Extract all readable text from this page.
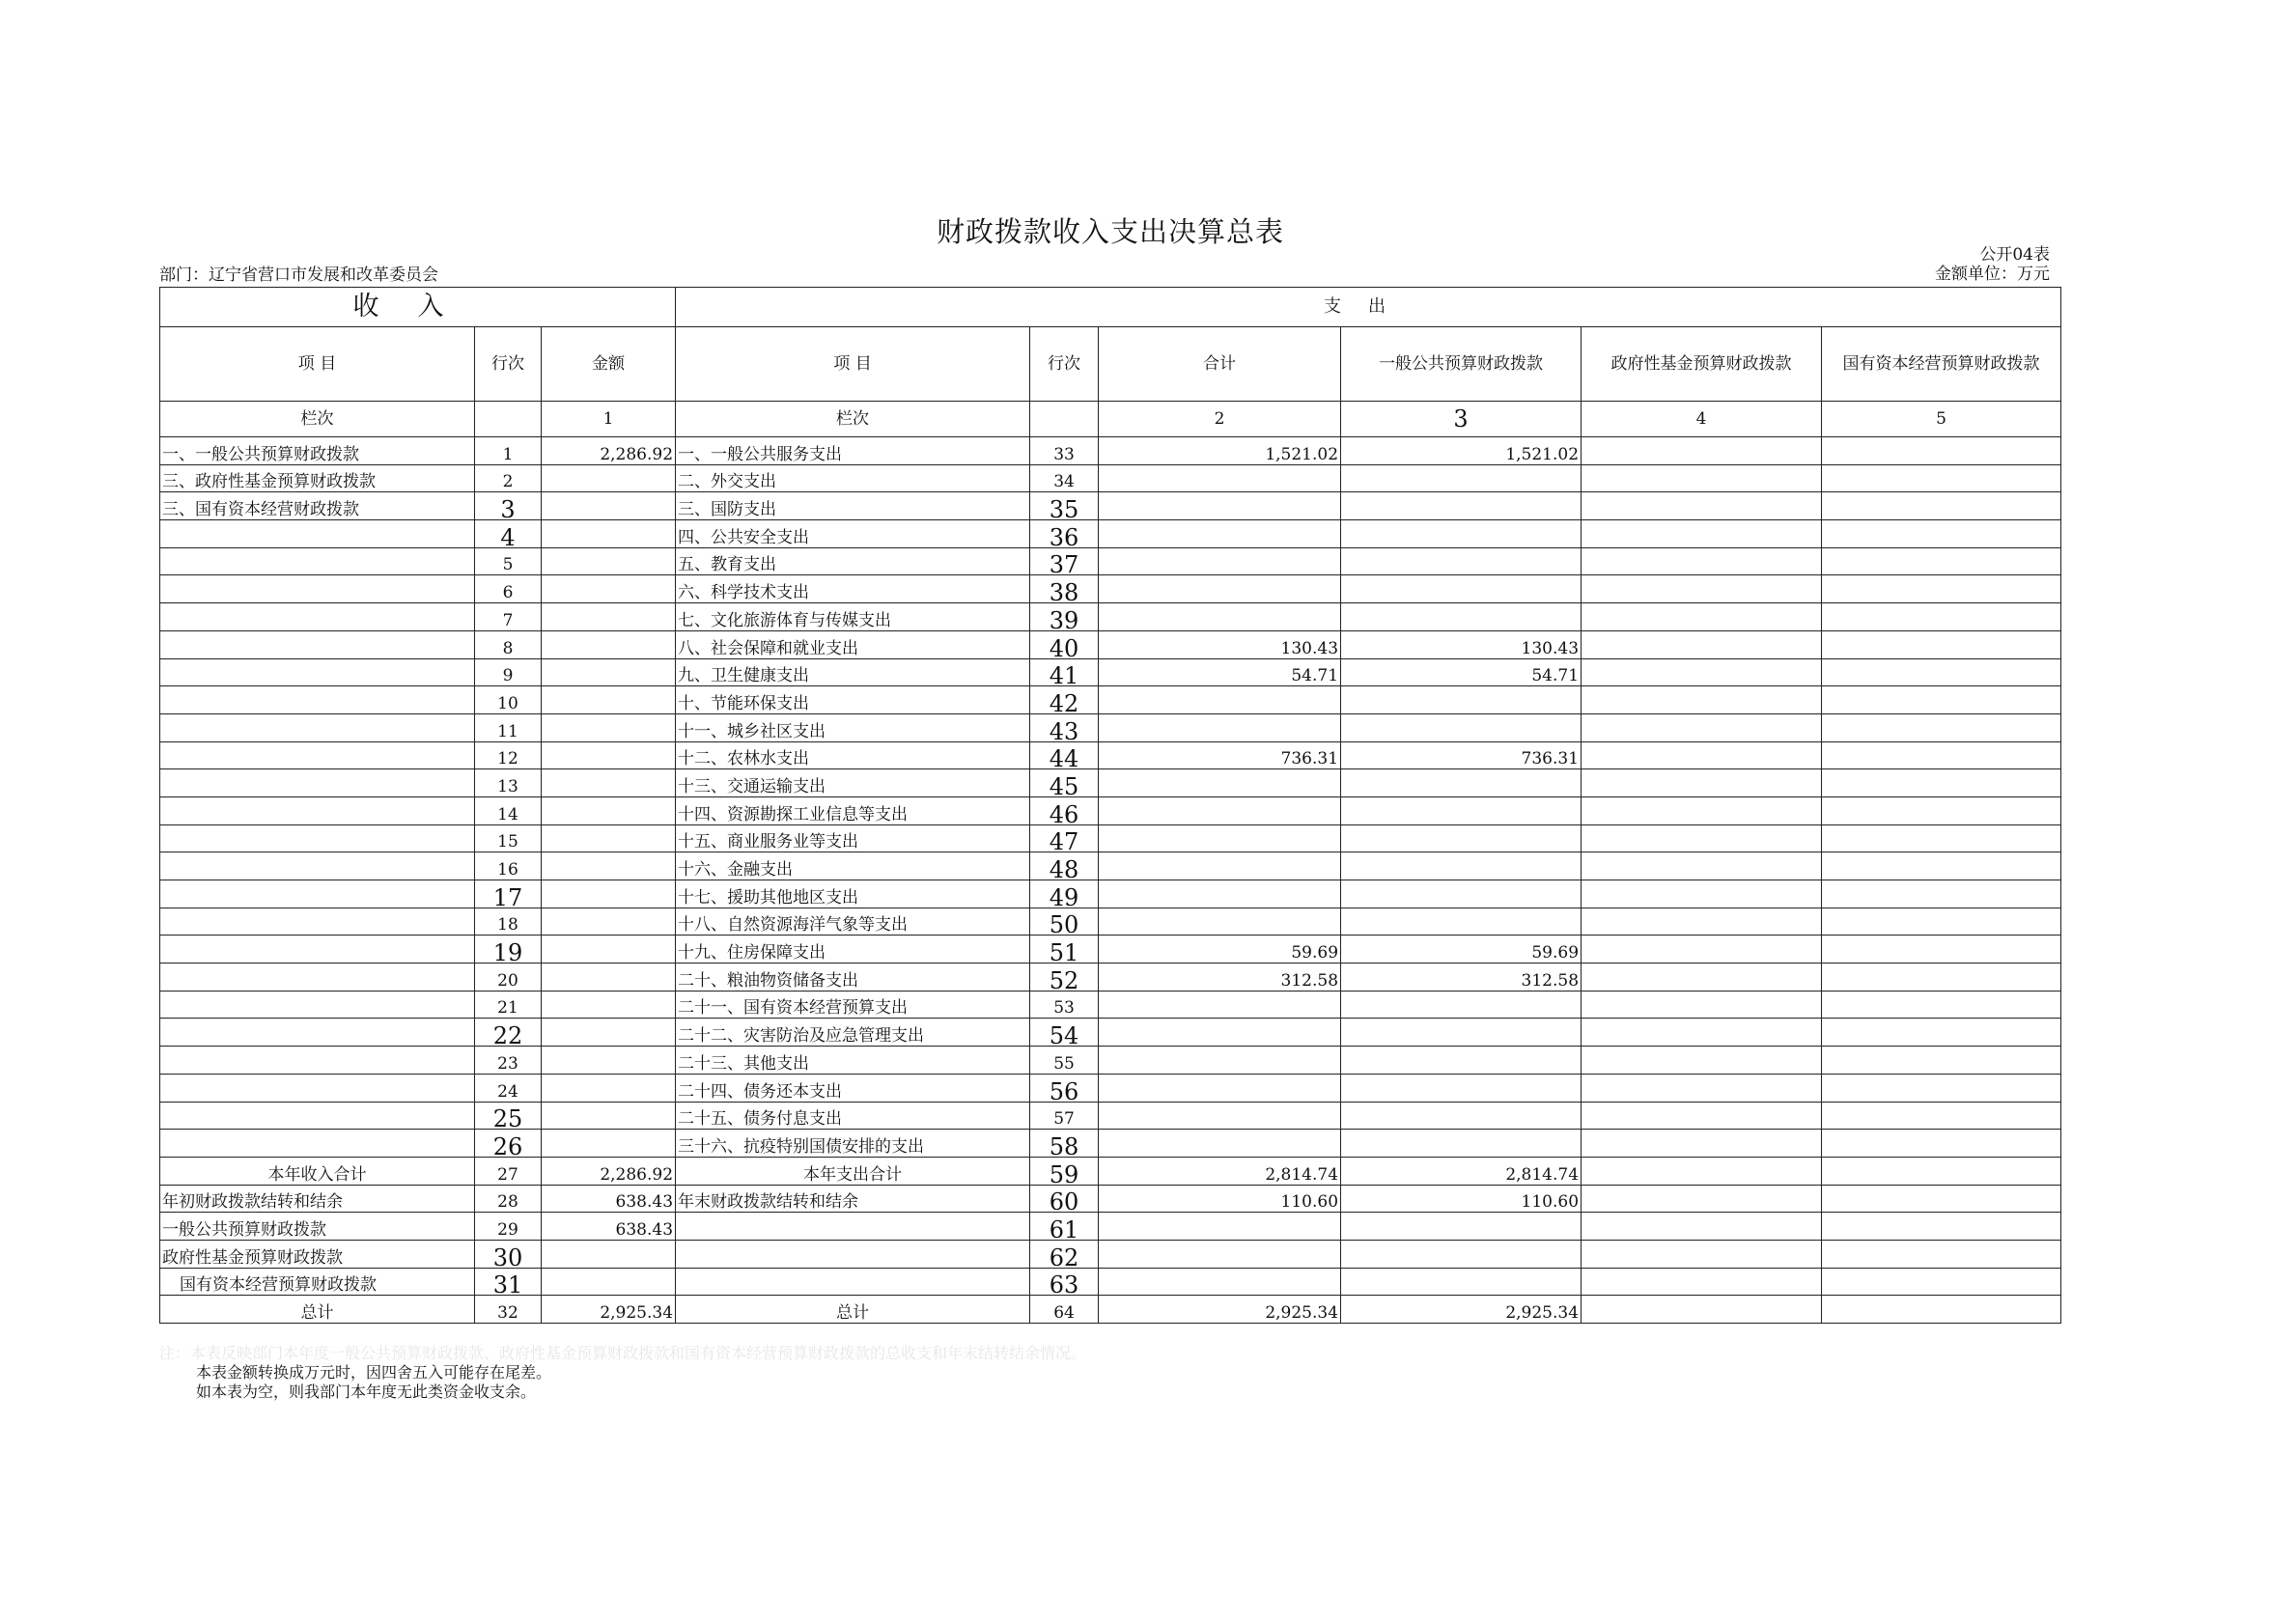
财政拨款收入支出决算总表
部门：辽宁省营口市发展和改革委员会
公开04表
金额单位：万元
收入			支出					
项 目	行次	金额	项 目	行次	合计	一般公共预算财政拨款	政府性基金预算财政拨款	国有资本经营预算财政拨款
栏次		1	栏次		2	3	4	5
一、一般公共预算财政拨款	1	2,286.92	一、一般公共服务支出	33	1,521.02	1,521.02		
三、政府性基金预算财政拨款	2		二、外交支出	34				
三、国有资本经营财政拨款	3		三、国防支出	35				
	4		四、公共安全支出	36				
	5		五、教育支出	37				
	6		六、科学技术支出	38				
	7		七、文化旅游体育与传媒支出	39				
	8		八、社会保障和就业支出	40	130.43	130.43		
	9		九、卫生健康支出	41	54.71	54.71		
	10		十、节能环保支出	42				
	11		十一、城乡社区支出	43				
	12		十二、农林水支出	44	736.31	736.31		
	13		十三、交通运输支出	45				
	14		十四、资源勘探工业信息等支出	46				
	15		十五、商业服务业等支出	47				
	16		十六、金融支出	48				
	17		十七、援助其他地区支出	49				
	18		十八、自然资源海洋气象等支出	50				
	19		十九、住房保障支出	51	59.69	59.69		
	20		二十、粮油物资储备支出	52	312.58	312.58		
	21		二十一、国有资本经营预算支出	53				
	22		二十二、灾害防治及应急管理支出	54				
	23		二十三、其他支出	55				
	24		二十四、债务还本支出	56				
	25		二十五、债务付息支出	57				
	26		三十六、抗疫特别国债安排的支出	58				
本年收入合计	27	2,286.92	本年支出合计	59	2,814.74	2,814.74		
年初财政拨款结转和结余	28	638.43	年末财政拨款结转和结余	60	110.60	110.60		
一般公共预算财政拨款	29	638.43		61				
政府性基金预算财政拨款	30			62				
国有资本经营预算财政拨款	31			63				
总计	32	2,925.34	总计	64	2,925.34	2,925.34		
注：本表反映部门本年度一般公共预算财政拨款、政府性基金预算财政拨款和国有资本经营预算财政拨款的总收支和年末结转结余情况。
本表金额转换成万元时，因四舍五入可能存在尾差。
如本表为空，则我部门本年度无此类资金收支余。
